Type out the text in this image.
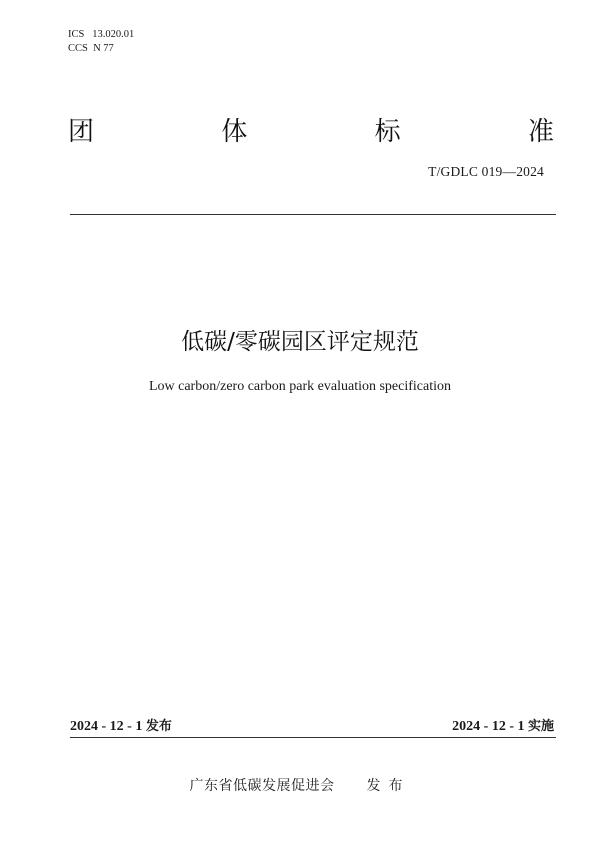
ICS   13.020.01
CCS  N 77
团	体	标	准
T/GDLC 019—2024
低碳/零碳园区评定规范
Low carbon/zero carbon park evaluation specification
2024 - 12 - 1 发布	2024 - 12 - 1 实施
广东省低碳发展促进会 发布
